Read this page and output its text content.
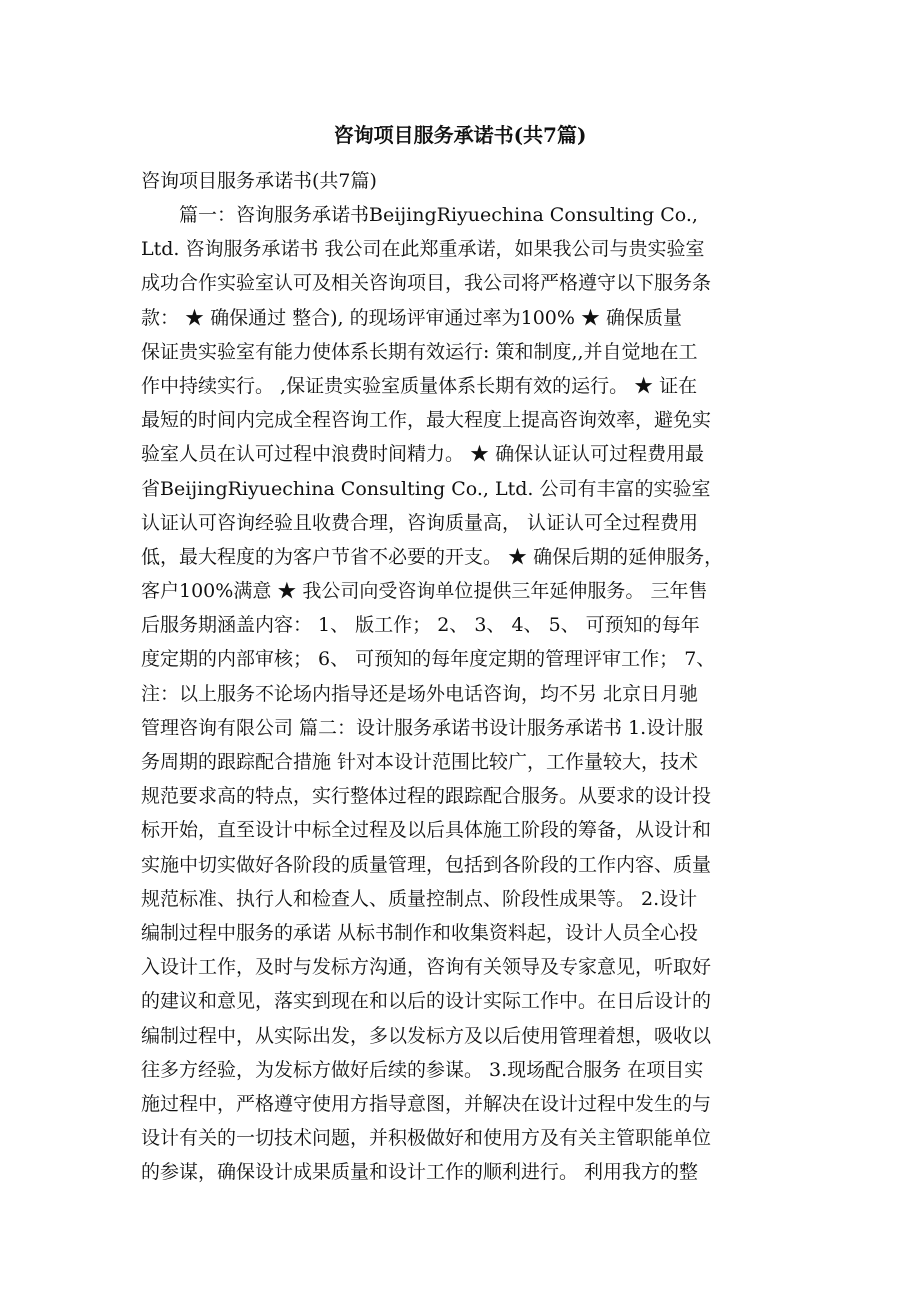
咨询项目服务承诺书(共7篇)
咨询项目服务承诺书(共7篇)
　　篇一：咨询服务承诺书BeijingRiyuechina Consulting Co.,
Ltd. 咨询服务承诺书 我公司在此郑重承诺，如果我公司与贵实验室
成功合作实验室认可及相关咨询项目，我公司将严格遵守以下服务条
款： ★ 确保通过 整合), 的现场评审通过率为100% ★ 确保质量
保证贵实验室有能力使体系长期有效运行: 策和制度,,并自觉地在工
作中持续实行。 ,保证贵实验室质量体系长期有效的运行。 ★ 证在
最短的时间内完成全程咨询工作，最大程度上提高咨询效率，避免实
验室人员在认可过程中浪费时间精力。 ★ 确保认证认可过程费用最
省BeijingRiyuechina Consulting Co., Ltd. 公司有丰富的实验室
认证认可咨询经验且收费合理，咨询质量高， 认证认可全过程费用
低，最大程度的为客户节省不必要的开支。 ★ 确保后期的延伸服务，
客户100%满意 ★ 我公司向受咨询单位提供三年延伸服务。 三年售
后服务期涵盖内容： 1、 版工作； 2、 3、 4、 5、 可预知的每年
度定期的内部审核； 6、 可预知的每年度定期的管理评审工作； 7、
注：以上服务不论场内指导还是场外电话咨询，均不另 北京日月驰
管理咨询有限公司 篇二：设计服务承诺书设计服务承诺书 1.设计服
务周期的跟踪配合措施 针对本设计范围比较广，工作量较大，技术
规范要求高的特点，实行整体过程的跟踪配合服务。从要求的设计投
标开始，直至设计中标全过程及以后具体施工阶段的筹备，从设计和
实施中切实做好各阶段的质量管理，包括到各阶段的工作内容、质量
规范标准、执行人和检查人、质量控制点、阶段性成果等。 2.设计
编制过程中服务的承诺 从标书制作和收集资料起，设计人员全心投
入设计工作，及时与发标方沟通，咨询有关领导及专家意见，听取好
的建议和意见，落实到现在和以后的设计实际工作中。在日后设计的
编制过程中，从实际出发，多以发标方及以后使用管理着想，吸收以
往多方经验，为发标方做好后续的参谋。 3.现场配合服务 在项目实
施过程中，严格遵守使用方指导意图，并解决在设计过程中发生的与
设计有关的一切技术问题，并积极做好和使用方及有关主管职能单位
的参谋，确保设计成果质量和设计工作的顺利进行。 利用我方的整
